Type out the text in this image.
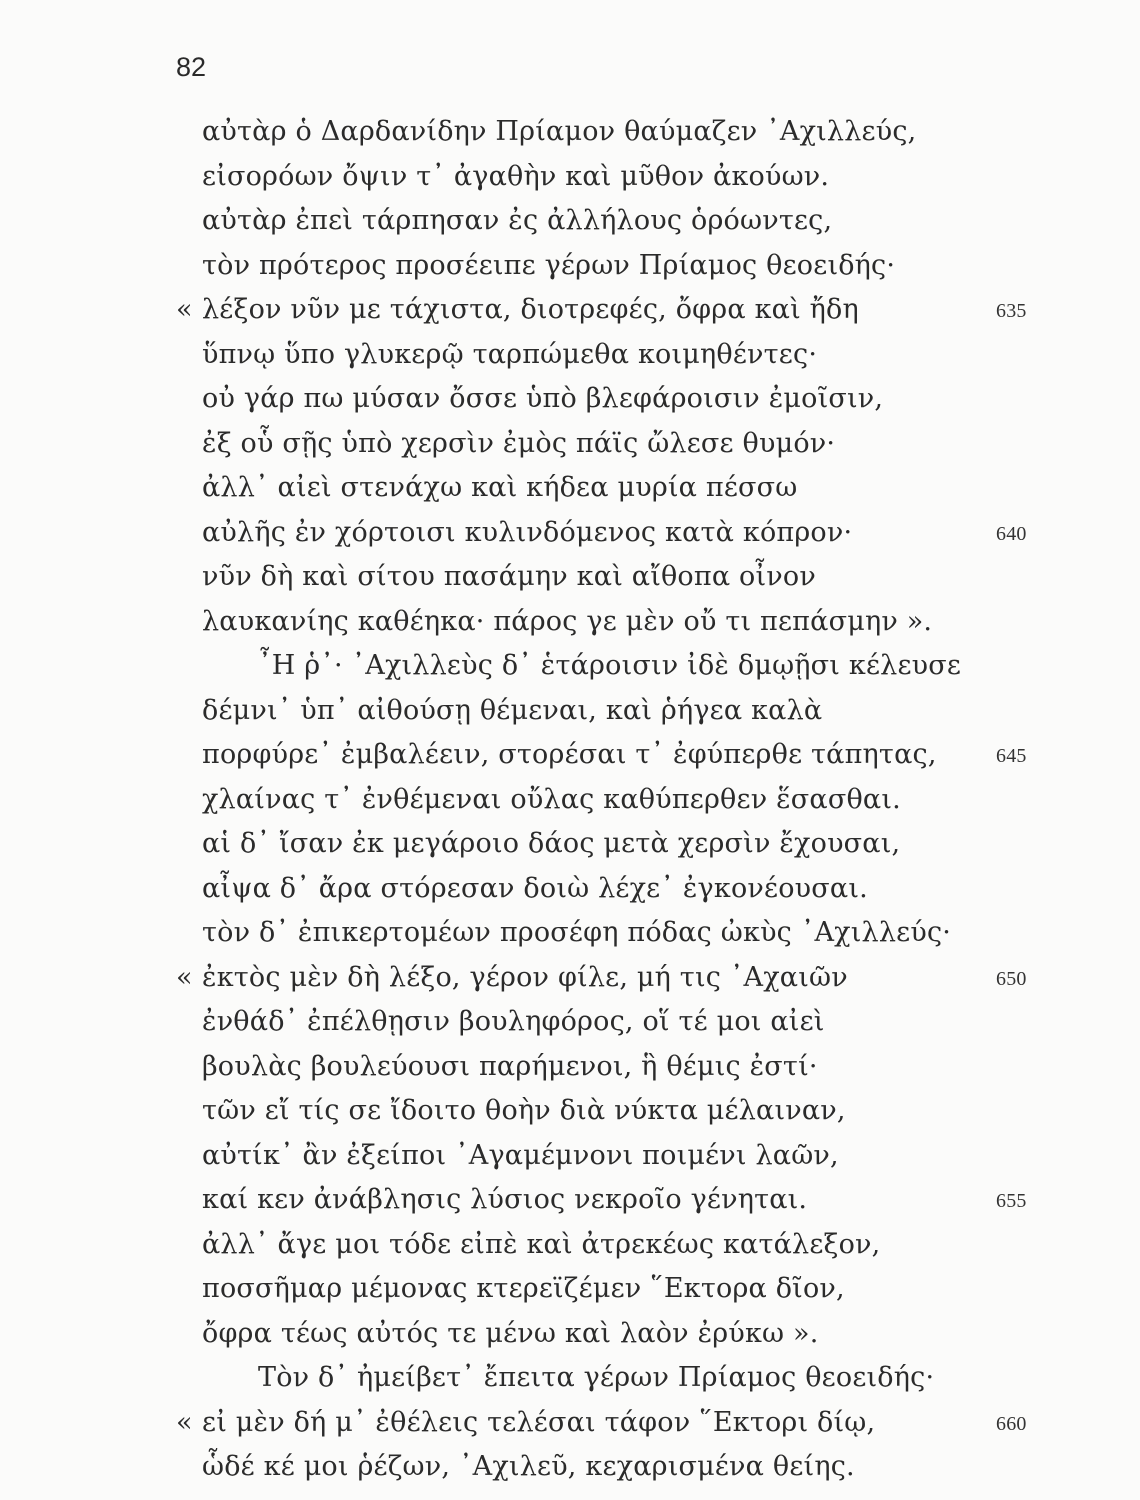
82
αὐτὰρ ὁ Δαρδανίδην Πρίαμον θαύμαζεν ᾿Αχιλλεύς,
εἰσορόων ὄψιν τ᾿ ἀγαθὴν καὶ μῦθον ἀκούων.
αὐτὰρ ἐπεὶ τάρπησαν ἐς ἀλλήλους ὁρόωντες,
τὸν πρότερος προσέειπε γέρων Πρίαμος θεοειδής·
« λέξον νῦν με τάχιστα, διοτρεφές, ὄφρα καὶ ἤδη	635
ὕπνῳ ὕπο γλυκερῷ ταρπώμεθα κοιμηθέντες·
οὐ γάρ πω μύσαν ὄσσε ὑπὸ βλεφάροισιν ἐμοῖσιν,
ἐξ οὗ σῇς ὑπὸ χερσὶν ἐμὸς πάϊς ὤλεσε θυμόν·
ἀλλ᾿ αἰεὶ στενάχω καὶ κήδεα μυρία πέσσω
αὐλῆς ἐν χόρτοισι κυλινδόμενος κατὰ κόπρον·	640
νῦν δὴ καὶ σίτου πασάμην καὶ αἴθοπα οἶνον
λαυκανίης καθέηκα· πάρος γε μὲν οὔ τι πεπάσμην ».
῏Η ῥ᾿· ᾿Αχιλλεὺς δ᾿ ἑτάροισιν ἰδὲ δμῳῇσι κέλευσε
δέμνι᾿ ὑπ᾿ αἰθούσῃ θέμεναι, καὶ ῥήγεα καλὰ
πορφύρε᾿ ἐμβαλέειν, στορέσαι τ᾿ ἐφύπερθε τάπητας,	645
χλαίνας τ᾿ ἐνθέμεναι οὔλας καθύπερθεν ἕσασθαι.
αἱ δ᾿ ἴσαν ἐκ μεγάροιο δάος μετὰ χερσὶν ἔχουσαι,
αἶψα δ᾿ ἄρα στόρεσαν δοιὼ λέχε᾿ ἐγκονέουσαι.
τὸν δ᾿ ἐπικερτομέων προσέφη πόδας ὠκὺς ᾿Αχιλλεύς·
« ἐκτὸς μὲν δὴ λέξο, γέρον φίλε, μή τις ᾿Αχαιῶν	650
ἐνθάδ᾿ ἐπέλθῃσιν βουληφόρος, οἵ τέ μοι αἰεὶ
βουλὰς βουλεύουσι παρήμενοι, ἣ θέμις ἐστί·
τῶν εἴ τίς σε ἴδοιτο θοὴν διὰ νύκτα μέλαιναν,
αὐτίκ᾿ ἂν ἐξείποι ᾿Αγαμέμνονι ποιμένι λαῶν,
καί κεν ἀνάβλησις λύσιος νεκροῖο γένηται.	655
ἀλλ᾿ ἄγε μοι τόδε εἰπὲ καὶ ἀτρεκέως κατάλεξον,
ποσσῆμαρ μέμονας κτερεϊζέμεν ῞Εκτορα δῖον,
ὄφρα τέως αὐτός τε μένω καὶ λαὸν ἐρύκω ».
Τὸν δ᾿ ἠμείβετ᾿ ἔπειτα γέρων Πρίαμος θεοειδής·
« εἰ μὲν δή μ᾿ ἐθέλεις τελέσαι τάφον ῞Εκτορι δίῳ,	660
ὧδέ κέ μοι ῥέζων, ᾿Αχιλεῦ, κεχαρισμένα θείης.
